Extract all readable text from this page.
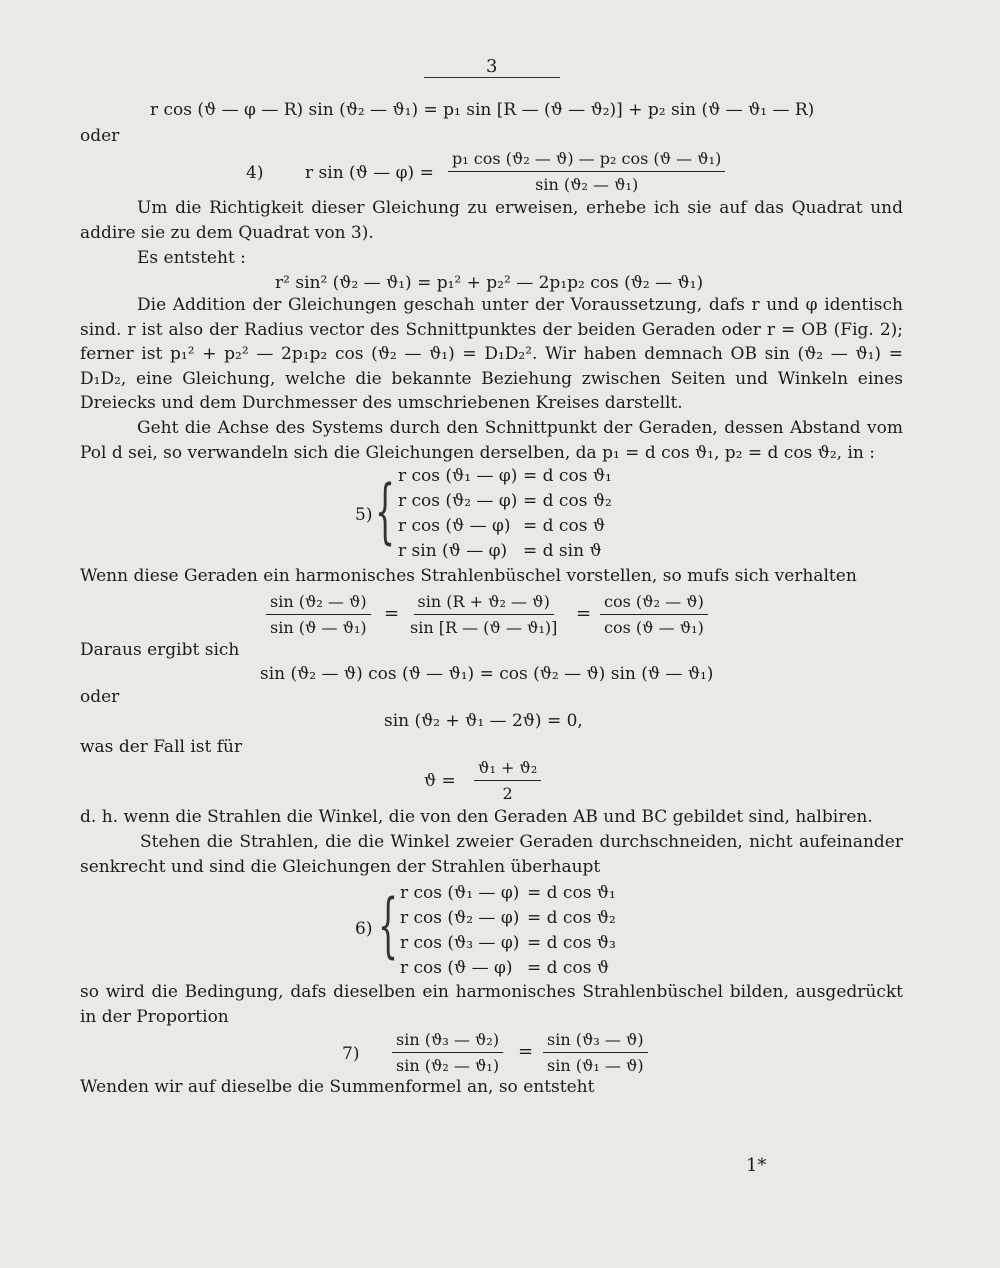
3
r cos (ϑ — φ — R) sin (ϑ₂ — ϑ₁) = p₁ sin [R — (ϑ — ϑ₂)] + p₂ sin (ϑ — ϑ₁ — R)
oder
4) r sin (ϑ — $\varphi) = \frac{\text{p₁ cos (ϑ₂ — ϑ) — p₂ cos (ϑ — ϑ₁)}}{\text{sin (ϑ₂ — ϑ₁)}}$
Um die Richtigkeit dieser Gleichung zu erweisen, erhebe ich sie auf das Quadrat und addire sie zu dem Quadrat von 3).
Es entsteht :
r² sin² (ϑ₂ — ϑ₁) = p₁² + p₂² — 2p₁p₂ cos (ϑ₂ — ϑ₁)
Die Addition der Gleichungen geschah unter der Voraussetzung, dafs r und φ identisch sind. r ist also der Radius vector des Schnittpunktes der beiden Geraden oder r = OB (Fig. 2); ferner ist p₁² + p₂² — 2p₁p₂ cos (ϑ₂ — ϑ₁) = D₁D₂². Wir haben demnach OB sin (ϑ₂ — ϑ₁) = D₁D₂, eine Gleichung, welche die bekannte Beziehung zwischen Seiten und Winkeln eines Dreiecks und dem Durchmesser des umschriebenen Kreises darstellt.
Geht die Achse des Systems durch den Schnittpunkt der Geraden, dessen Abstand vom Pol d sei, so verwandeln sich die Gleichungen derselben, da p₁ = d cos ϑ₁, p₂ = d cos ϑ₂, in :
5) { r cos (ϑ₁ — φ) = d cos ϑ₁
r cos (ϑ₂ — φ) = d cos ϑ₂
r cos (ϑ — φ) = d cos ϑ
r sin (ϑ — φ) = d sin ϑ
Wenn diese Geraden ein harmonisches Strahlenbüschel vorstellen, so mufs sich verhalten
$\frac{\text{sin (ϑ₂ — ϑ)}}{\text{sin (ϑ — ϑ₁)}} = \frac{\text{sin (R + ϑ₂ — ϑ)}}{\text{sin [R — (ϑ — ϑ₁)]}} = \frac{\text{cos (ϑ₂ — ϑ)}}{\text{cos (ϑ — ϑ₁)}}$
Daraus ergibt sich
sin (ϑ₂ — ϑ) cos (ϑ — ϑ₁) = cos (ϑ₂ — ϑ) sin (ϑ — ϑ₁)
oder
sin (ϑ₂ + ϑ₁ — 2ϑ) = 0,
was der Fall ist für
$ϑ = \frac{\text{ϑ₁ + ϑ₂}}{2}$
d. h. wenn die Strahlen die Winkel, die von den Geraden AB und BC gebildet sind, halbiren.
Stehen die Strahlen, die die Winkel zweier Geraden durchschneiden, nicht aufeinander senkrecht und sind die Gleichungen der Strahlen überhaupt
6) { r cos (ϑ₁ — φ) = d cos ϑ₁
r cos (ϑ₂ — φ) = d cos ϑ₂
r cos (ϑ₃ — φ) = d cos ϑ₃
r cos (ϑ — φ) = d cos ϑ
so wird die Bedingung, dafs dieselben ein harmonisches Strahlenbüschel bilden, ausgedrückt in der Proportion
$7) \frac{\text{sin (ϑ₃ — ϑ₂)}}{\text{sin (ϑ₂ — ϑ₁)}} = \frac{\text{sin (ϑ₃ — ϑ)}}{\text{sin (ϑ₁ — ϑ)}}$
Wenden wir auf dieselbe die Summenformel an, so entsteht
1*
